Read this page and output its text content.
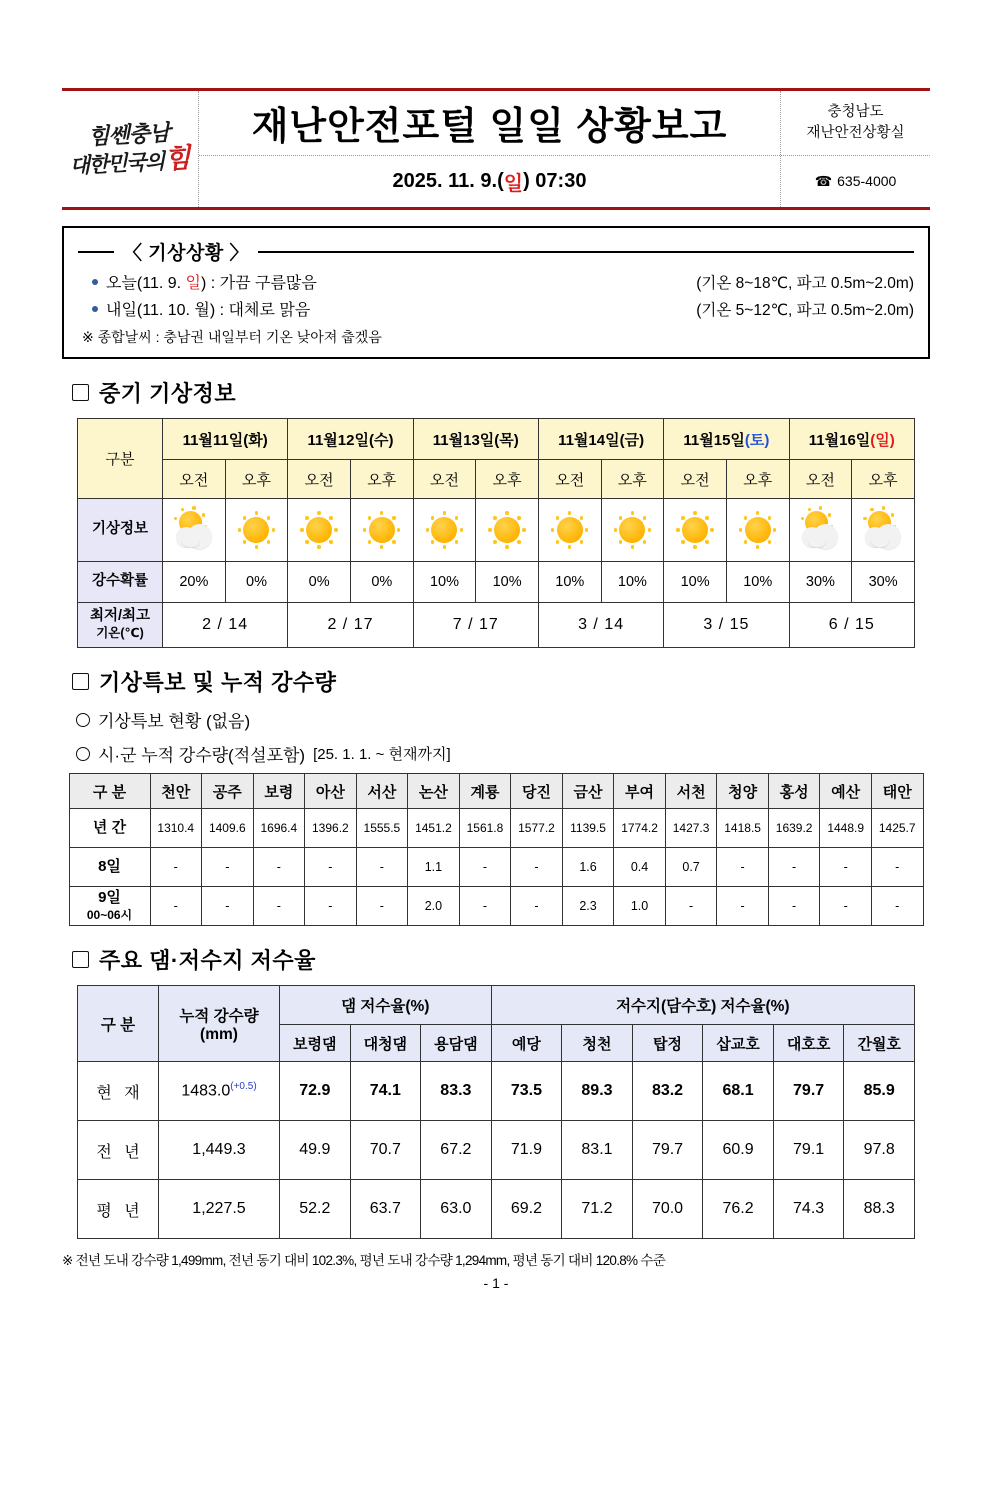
힘쎈충남
대한민국의힘
재난안전포털 일일 상황보고
2025. 11. 9.( 일 ) 07:30
충청남도
재난안전상황실
☎ 635-4000
〈 기상상황 〉
오늘(11. 9. 일) : 가끔 구름많음	(기온 8~18℃, 파고 0.5m~2.0m)
내일(11. 10. 월) : 대체로 맑음	(기온 5~12℃, 파고 0.5m~2.0m)
※ 종합날씨 : 충남권 내일부터 기온 낮아져 춥겠음
중기 기상정보
구분	11월11일(화)		11월12일(수)		11월13일(목)		11월14일(금)		11월15일(토)		11월16일(일)	
	오전	오후	오전	오후	오전	오후	오전	오후	오전	오후	오전	오후
기상정보	

강수확률	20%	0%	0%	0%	10%	10%	10%	10%	10%	10%	30%	30%
최저/최고
기온(℃)	2 / 14		2 / 17		7 / 17		3 / 14		3 / 15		6 / 15	
기상특보 및 누적 강수량
기상특보 현황 (없음)
시·군 누적 강수량(적설포함) [25. 1. 1. ~ 현재까지]
구 분	천안	공주	보령	아산	서산	논산	계룡	당진	금산	부여	서천	청양	홍성	예산	태안
년 간	1310.4	1409.6	1696.4	1396.2	1555.5	1451.2	1561.8	1577.2	1139.5	1774.2	1427.3	1418.5	1639.2	1448.9	1425.7
8일	-	-	-	-	-	1.1	-	-	1.6	0.4	0.7	-	-	-	-
9일
00~06시	-	-	-	-	-	2.0	-	-	2.3	1.0	-	-	-	-	-
주요 댐·저수지 저수율
구 분	누적 강수량
(mm)	댐 저수율(%)			저수지(담수호) 저수율(%)					
		보령댐	대청댐	용담댐	예당	청천	탑정	삽교호	대호호	간월호
현 재	$1483.0^{(+0.5)}$	72.9	74.1	83.3	73.5	89.3	83.2	68.1	79.7	85.9
전 년	1,449.3	49.9	70.7	67.2	71.9	83.1	79.7	60.9	79.1	97.8
평 년	1,227.5	52.2	63.7	63.0	69.2	71.2	70.0	76.2	74.3	88.3
※ 전년 도내 강수량 1,499mm, 전년 동기 대비 102.3%, 평년 도내 강수량 1,294mm, 평년 동기 대비 120.8% 수준
- 1 -
